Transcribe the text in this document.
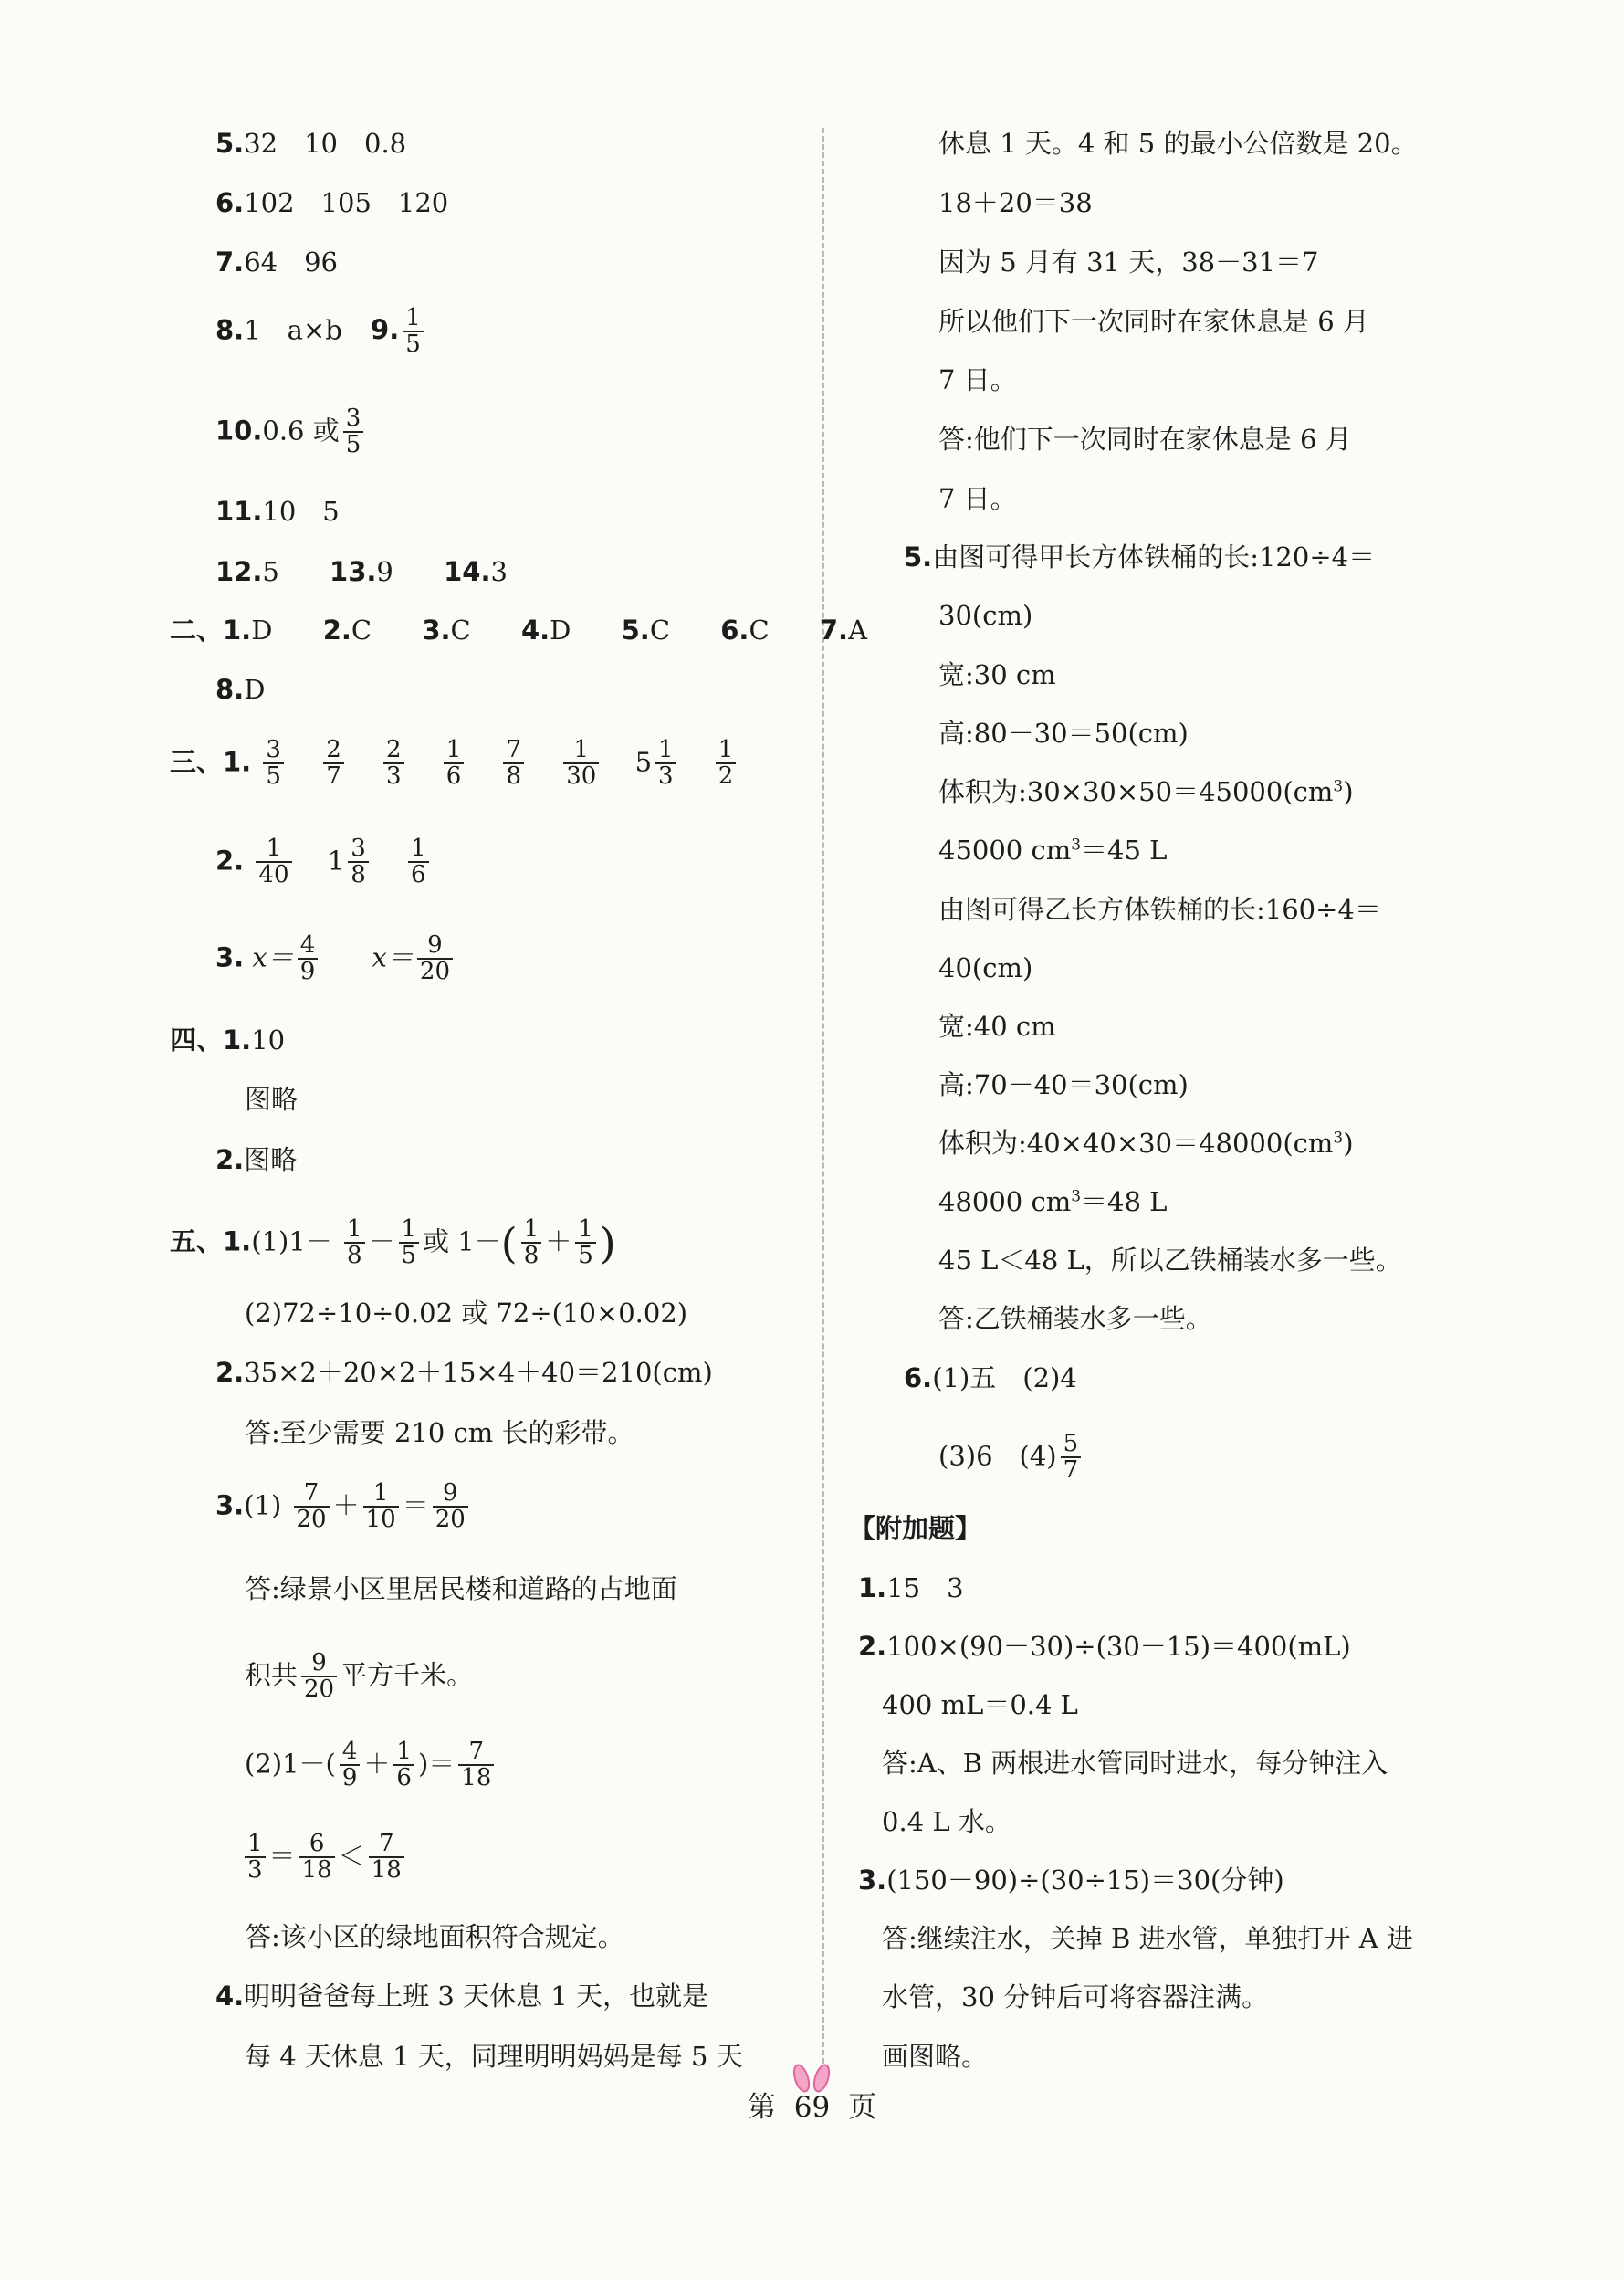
5.32　10　0.8
6.102　105　120
7.64　96
8.1　a×b 9. $\frac{1}{5}$
10.0.6 或 $\frac{3}{5}$
11.10　5
12.5 13.9 14.3
二、1.D 2.C 3.C 4.D 5.C 6.C 7.A
8.D
三、1. $\frac{3}{5}$
$\frac{2}{7}$
$\frac{2}{3}$
$\frac{1}{6}$
$\frac{7}{8}$
$\frac{1}{30} 5 \frac{1}{3}$
$\frac{1}{2}$
2. $\frac{1}{40} 1 \frac{3}{8}$
$\frac{1}{6}$
3. $x= \frac{4}{9} x= \frac{9}{20}$
四、1.10
图略
2.图略
五、$1.(1)1- \frac{1}{8} - \frac{1}{5}$ 或 $1-( \frac{1}{8} + \frac{1}{5}$ )
(2)72÷10÷0.02 或 72÷(10×0.02)
2.35×2＋20×2＋15×4＋40＝210(cm)
答:至少需要 210 cm 长的彩带。
$3.(1) \frac{7}{20} + \frac{1}{10} = \frac{9}{20}$
答:绿景小区里居民楼和道路的占地面
积共 $\frac{9}{20}$ 平方千米。
$(2)1-( \frac{4}{9} + \frac{1}{6}$ )＝ $\frac{7}{18}$
$\frac{1}{3} = \frac{6}{18} < \frac{7}{18}$
答:该小区的绿地面积符合规定。
4.明明爸爸每上班 3 天休息 1 天，也就是
每 4 天休息 1 天，同理明明妈妈是每 5 天
休息 1 天。4 和 5 的最小公倍数是 20。
18＋20＝38
因为 5 月有 31 天，38－31＝7
所以他们下一次同时在家休息是 6 月
7 日。
答:他们下一次同时在家休息是 6 月
7 日。
5.由图可得甲长方体铁桶的长:120÷4＝
30(cm)
宽:30 cm
高:80－30＝50(cm)
体积为$:30\times 30\times 50=45000(cm^3)$
45000 $cm^3=45$ L
由图可得乙长方体铁桶的长:160÷4＝
40(cm)
宽:40 cm
高:70－40＝30(cm)
体积为$:40\times 40\times 30=48000(cm^3)$
48000 $cm^3=48$ L
45 L＜48 L，所以乙铁桶装水多一些。
答:乙铁桶装水多一些。
6.(1)五　(2)4
(3)6　$(4) \frac{5}{7}$
【附加题】
1.15　3
2.100×(90－30)÷(30－15)＝400(mL)
400 mL＝0.4 L
答:A、B 两根进水管同时进水，每分钟注入
0.4 L 水。
3.(150－90)÷(30÷15)＝30(分钟)
答:继续注水，关掉 B 进水管，单独打开 A 进
水管，30 分钟后可将容器注满。
画图略。
第 69 页
